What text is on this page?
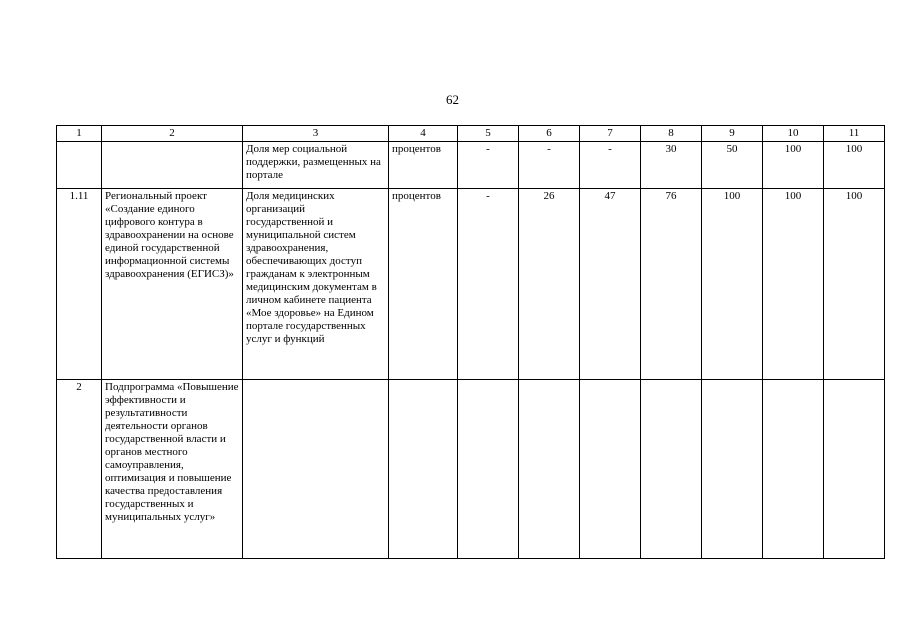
62
1	2	3	4	5	6	7	8	9	10	11
		Доля мер социальной поддержки, размещенных на портале	процентов	-	-	-	30	50	100	100
1.11	Региональный проект «Создание единого цифрового контура в здравоохранении на основе единой государственной информационной системы здравоохранения (ЕГИСЗ)»	Доля медицинских организаций государственной и муниципальной систем здравоохранения, обеспечивающих доступ гражданам к электронным медицинским документам в личном кабинете пациента «Мое здоровье» на Едином портале государственных услуг и функций	процентов	-	26	47	76	100	100	100
2	Подпрограмма «Повышение эффективности и результативности деятельности органов государственной власти и органов местного самоуправления, оптимизация и повышение качества предоставления государственных и муниципальных услуг»									
